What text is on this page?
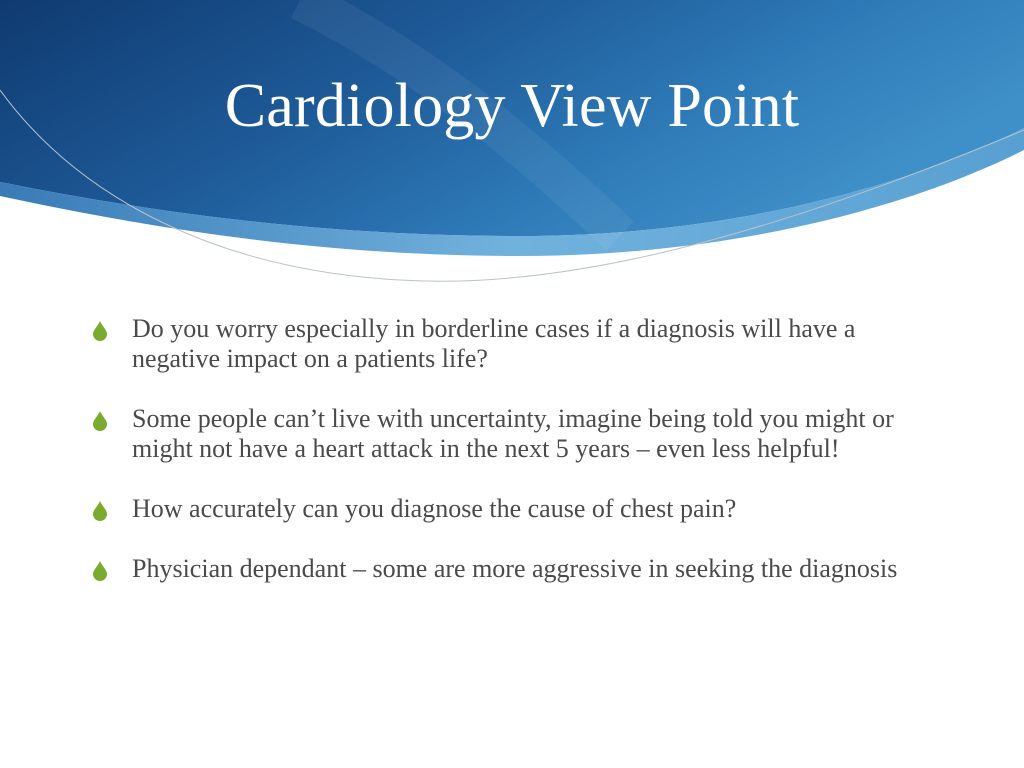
Cardiology View Point
Do you worry especially in borderline cases if a diagnosis will have a negative impact on a patients life?
Some people can’t live with uncertainty, imagine being told you might or might not have a heart attack in the next 5 years – even less helpful!
How accurately can you diagnose the cause of chest pain?
Physician dependant – some are more aggressive in seeking the diagnosis
